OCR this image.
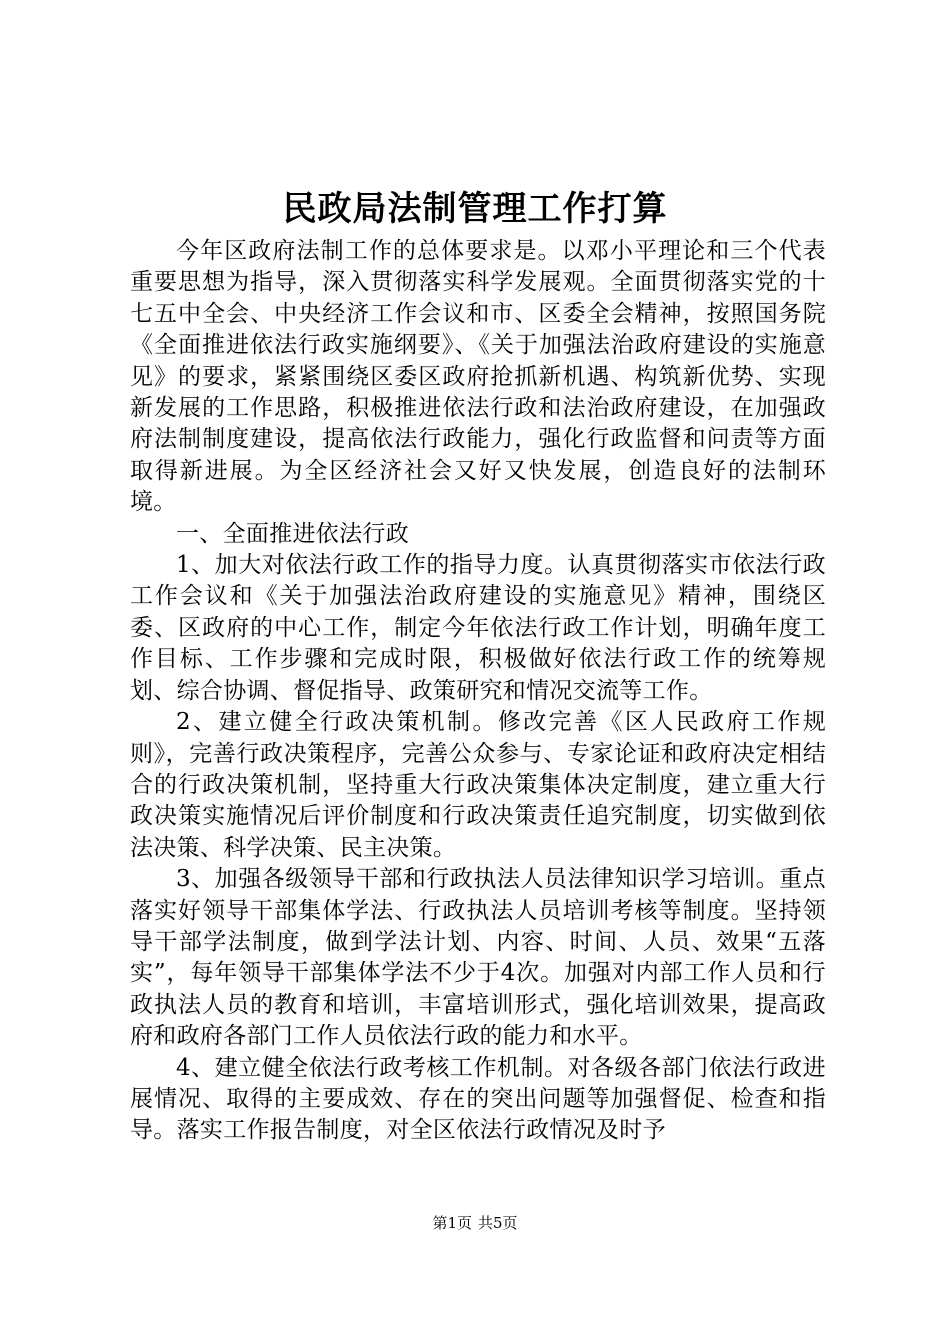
民政局法制管理工作打算

今年区政府法制工作的总体要求是。以邓小平理论和三个代表重要思想为指导，深入贯彻落实科学发展观。全面贯彻落实党的十七五中全会、中央经济工作会议和市、区委全会精神，按照国务院《全面推进依法行政实施纲要》、《关于加强法治政府建设的实施意见》的要求，紧紧围绕区委区政府抢抓新机遇、构筑新优势、实现新发展的工作思路，积极推进依法行政和法治政府建设，在加强政府法制制度建设，提高依法行政能力，强化行政监督和问责等方面取得新进展。为全区经济社会又好又快发展，创造良好的法制环境。

一、全面推进依法行政

1、加大对依法行政工作的指导力度。认真贯彻落实市依法行政工作会议和《关于加强法治政府建设的实施意见》精神，围绕区委、区政府的中心工作，制定今年依法行政工作计划，明确年度工作目标、工作步骤和完成时限，积极做好依法行政工作的统筹规划、综合协调、督促指导、政策研究和情况交流等工作。

2、建立健全行政决策机制。修改完善《区人民政府工作规则》，完善行政决策程序，完善公众参与、专家论证和政府决定相结合的行政决策机制，坚持重大行政决策集体决定制度，建立重大行政决策实施情况后评价制度和行政决策责任追究制度，切实做到依法决策、科学决策、民主决策。

3、加强各级领导干部和行政执法人员法律知识学习培训。重点落实好领导干部集体学法、行政执法人员培训考核等制度。坚持领导干部学法制度，做到学法计划、内容、时间、人员、效果“五落实”，每年领导干部集体学法不少于4次。加强对内部工作人员和行政执法人员的教育和培训，丰富培训形式，强化培训效果，提高政府和政府各部门工作人员依法行政的能力和水平。

4、建立健全依法行政考核工作机制。对各级各部门依法行政进展情况、取得的主要成效、存在的突出问题等加强督促、检查和指导。落实工作报告制度，对全区依法行政情况及时予

第1页 共5页
